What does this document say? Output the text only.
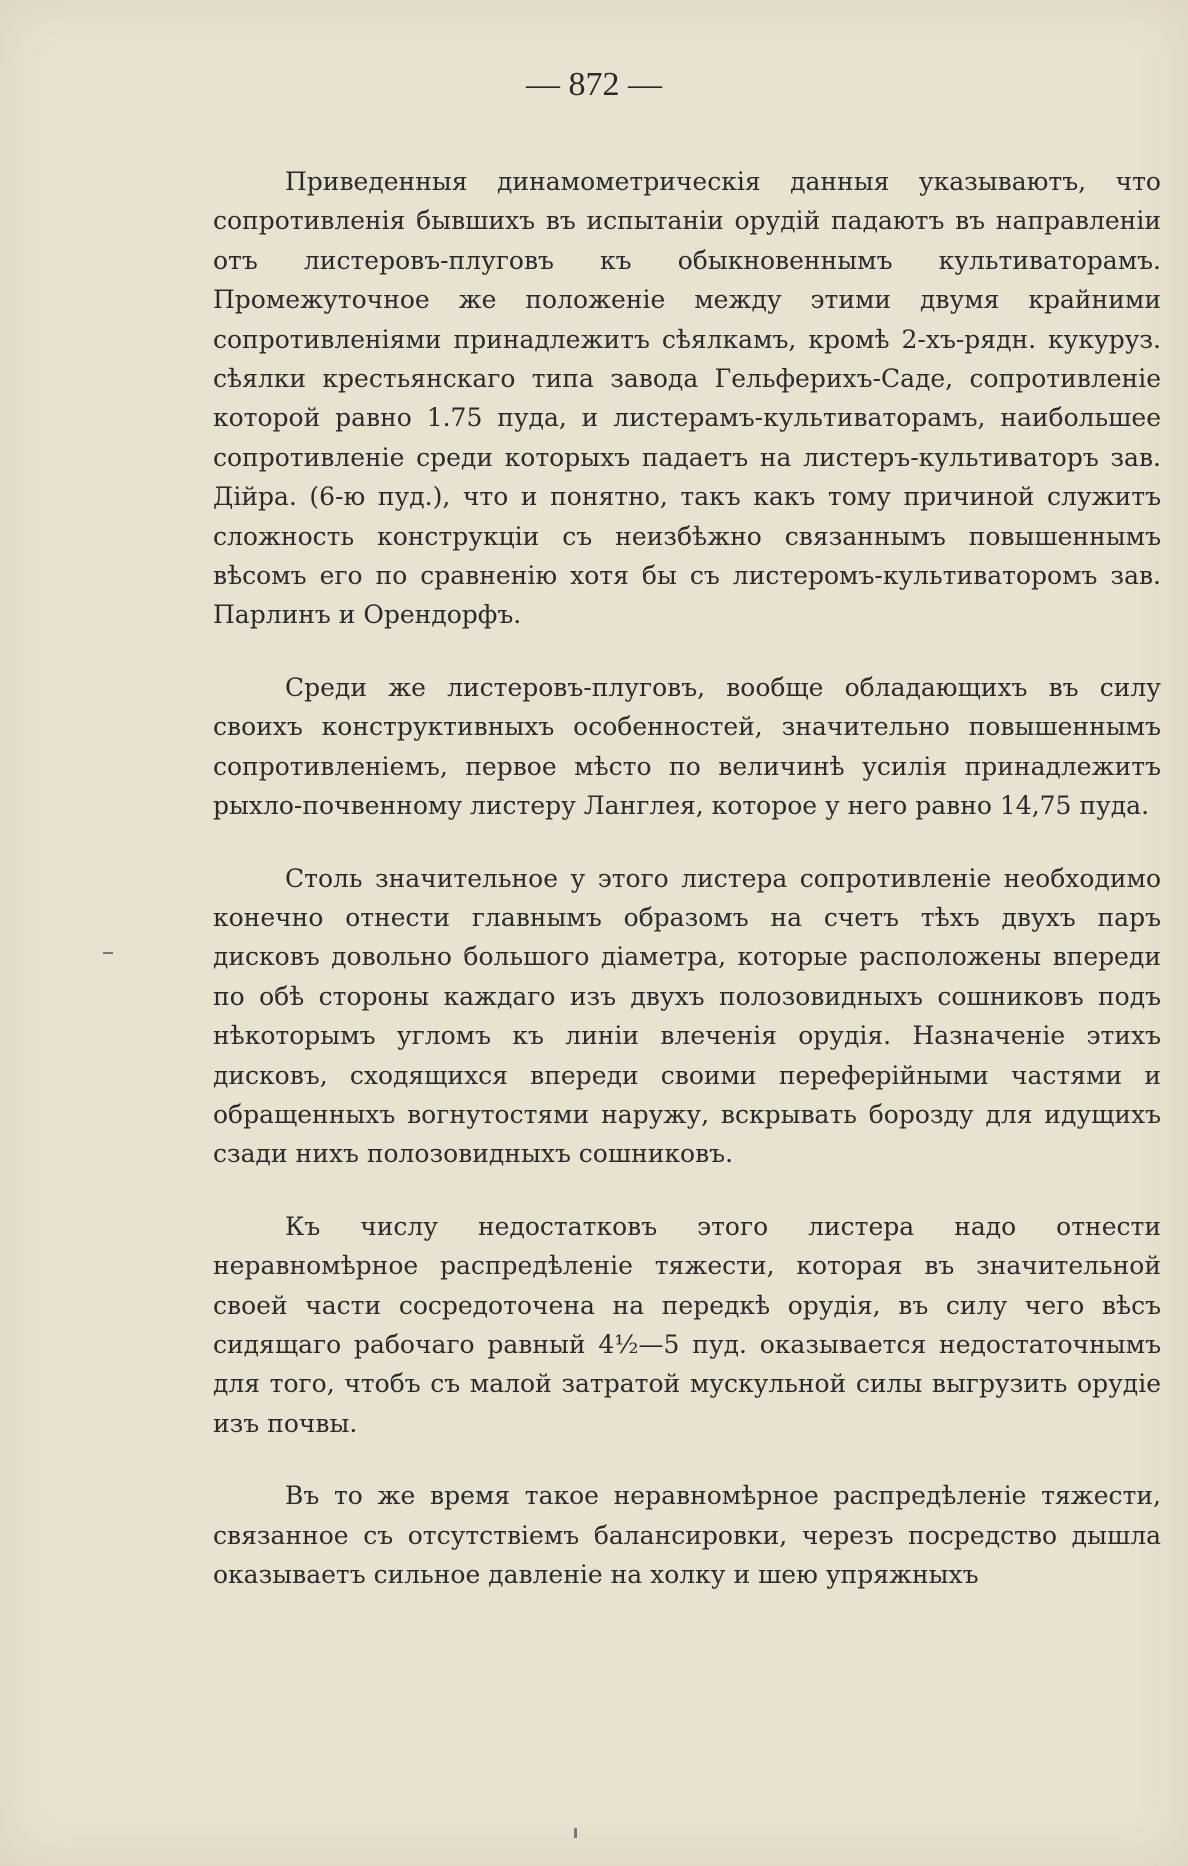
— 872 —

Приведенныя динамометрическія данныя указываютъ, что сопротивленія бывшихъ въ испытаніи орудій падаютъ въ направленіи отъ листеровъ-плуговъ къ обыкновеннымъ культиваторамъ. Промежуточное же положеніе между этими двумя крайними сопротивленіями принадлежитъ сѣялкамъ, кромѣ 2-хъ-рядн. кукуруз. сѣялки крестьянскаго типа завода Гельферихъ-Саде, сопротивленіе которой равно 1.75 пуда, и листерамъ-культиваторамъ, наибольшее сопротивленіе среди которыхъ падаетъ на листеръ-культиваторъ зав. Дійра. (6-ю пуд.), что и понятно, такъ какъ тому причиной служитъ сложность конструкціи съ неизбѣжно связаннымъ повышеннымъ вѣсомъ его по сравненію хотя бы съ листеромъ-культиваторомъ зав. Парлинъ и Орендорфъ.

Среди же листеровъ-плуговъ, вообще обладающихъ въ силу своихъ конструктивныхъ особенностей, значительно повышеннымъ сопротивленіемъ, первое мѣсто по величинѣ усилія принадлежитъ рыхло-почвенному листеру Ланглея, которое у него равно 14,75 пуда.

Столь значительное у этого листера сопротивленіе необходимо конечно отнести главнымъ образомъ на счетъ тѣхъ двухъ паръ дисковъ довольно большого діаметра, которые расположены впереди по обѣ стороны каждаго изъ двухъ полозовидныхъ сошниковъ подъ нѣкоторымъ угломъ къ линіи влеченія орудія. Назначеніе этихъ дисковъ, сходящихся впереди своими переферійными частями и обращенныхъ вогнутостями наружу, вскрывать борозду для идущихъ сзади нихъ полозовидныхъ сошниковъ.

Къ числу недостатковъ этого листера надо отнести неравномѣрное распредѣленіе тяжести, которая въ значительной своей части сосредоточена на передкѣ орудія, въ силу чего вѣсъ сидящаго рабочаго равный 4½—5 пуд. оказывается недостаточнымъ для того, чтобъ съ малой затратой мускульной силы выгрузить орудіе изъ почвы.

Въ то же время такое неравномѣрное распредѣленіе тяжести, связанное съ отсутствіемъ балансировки, черезъ посредство дышла оказываетъ сильное давленіе на холку и шею упряжныхъ
